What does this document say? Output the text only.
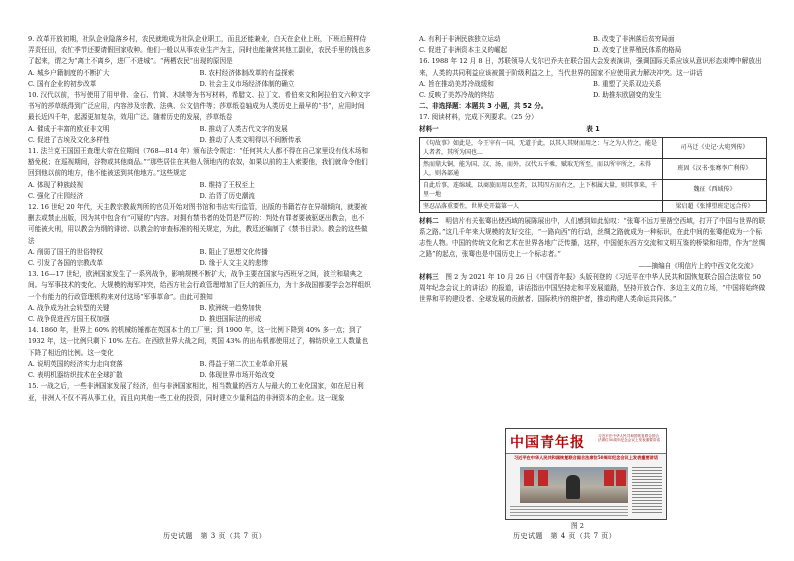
9. 改革开放初期，社队企业隐落乡村，农民就地成为社队企业职工，而且还能兼业，白天在企业上班，下班后照样侍弄责任田，农忙季节还要请假回家收种。他们一般以从事农业生产为主，同时也能兼营其他工副业，农民手里的钱也多了起来，谓之为“离土不离乡，进厂不进城”。“两栖农民”出现的原因是
A. 城乡户籍制度的不断扩大	B. 农村经济体制改革的有益探索
C. 国有企业的初步改革	D. 社会主义市场经济体制的确立
10. 汉代以前，书写使用了用甲骨、金石、竹简、木牍等为书写材料，希腊文、拉丁文、希伯来文和阿拉伯文六种文字书写的莎草纸得到广泛应用，内容涉及宗教、法典、公文信件等；莎草纸卷轴成为人类历史上最早的“书”，应用时间最长近四千年，起源更加复杂，效用广泛。随着历史的发展，莎草纸卷
A. 催成于丰富的欧亚非文明	B. 推动了人类古代文字的发展
C. 促进了古埃及文化多样性	D. 推动了人类文明得以不间断传承
11. 法兰克王国国王查理大帝在位期间（768—814 年）颁布法令规定：“任何其大人都不得在自己家里设有伐木场和豁免税；在巡视期间，谷物或其他商品。”“那些居住在其他人领地内的农奴，如果以前的主人索要他，我们就命令他们回到他以前的地方，他不能被送到其他地方。”这些规定
A. 体现了种族歧视	B. 维持了王权至上
C. 强化了庄园经济	D. 治背了历史潮流
12. 16 世纪 20 年代，天主教宗教裁判所的官员开始对图书馆和书店实行监管，出版的书籍若存在异端倾向，就要被删去或禁止出版，因为其中包含有“可疑的”内容。对拥有禁书者的处罚是严厉的：判处有罪者要被驱逐出教会，也不可能被火刑，用以教会为纲的诽谤、以教会的审查标准的相关规定，为此，教廷还编制了《禁书目录》。教会的这些做法
A. 削弱了国王的世俗特权	B. 阻止了思想文化传播
C. 引发了各国的宗教改革	D. 缘于人文主义的悲惨
13. 16—17 世纪，欧洲国家发生了一系列战争，影响规模不断扩大，战争主要在国家与西班牙之间，波兰和瑞典之间。与军事技术的变化、大规模的海军冲突，给西方社会行政管理增加了巨大的新压力，为十多战国都要学会怎样组织一个有能力的行政管理机构来对付这场“军事革命”。由此可推知
A. 战争成为社会转型的关键	B. 欧洲统一趋势加快
C. 战争促进西方国王权加强	D. 推进国际法的形成
14. 1860 年，世界上 60% 的机械纺锤都在英国本土的工厂里；到 1900 年，这一比例下降到 40% 多一点；到了 1932 年，这一比例只剩下 10% 左右。在西欧世界大战之间，英国 43% 的出布机都使用过了，棉纺织业工人数量也下降了相近的比例。这一变化
A. 说明英国的经济实力走向衰落	B. 得益于第二次工业革命开展
C. 表明机器纺织技术在全球扩散	D. 体现世界市场开始改变
15. 一战之后，一些非洲国家发展了经济，但与非洲国家相比，相当数量的西方人与最大的工业化国家，如在尼日利亚，非洲人不仅不再从事工业，而且向其他一些工业的投资，同时建立少量利益的非洲资本的企业。这一现象
历史试题　第 3 页（共 7 页）
A. 有利于非洲民族独立运动	B. 改变了非洲落后贫穷局面
C. 促进了非洲资本主义的崛起	D. 改变了世界殖民体系的格局
16. 1988 年 12 月 8 日，苏联领导人戈尔巴乔夫在联合国大会发表演讲，强调国际关系应该从意识形态束缚中解放出来，人类的共同利益应该被置于阶级利益之上，当代世界的国家不应使用武力解决冲突。这一讲话
A. 旨在推动美苏冷战缓和	B. 重塑了关系双边关系
C. 反映了美苏冷战的终结	D. 助推东欧剧变的发生
二、非选择题：本题共 3 小题，共 52 分。
17. 阅读材料，完成下列要求。（25 分）
材料一	表 1
《句故事》如此是，今王宰有一国，无道于此，以其人其财而用之：与之为人侍之，能是人者者，其所为国也…	司马迁《史记·大宛列传》
然而鼎大铜，能为国、汉、汤、而外，汉代五千乘，赋取无所至，而以所宰所之，未得人，则各部通	班固《汉书·张骞李广利传》
自此后事，连绵域，以商旅而用以至者，以其四方而有之，上下相属大量，则其事来，千里一地	魏征《西域传》
坚忍品落重要性，世界史开篇第一人	梁启超《张博望班定远合传》
材料二　明信片有关张骞出使西域的展陈展出中，人们感到如此惊叹：“张骞不远万里凿空西域，打开了中国与世界的联系之路。”这几千年来大规模的友好交往，“一路向西”的行动，丝绸之路就成为一种标识，在此中间的张骞便成为一个标志性人物。中国的传统文化和艺术在世界各地广泛传播，这样，中国便东西方交流和文明互鉴的桥梁和纽带，作为“丝绸之路”的起点，张骞也是中国历史上一个标志者。”
——摘编自《明信片上的中西文化交流》
材料三　图 2 为 2021 年 10 月 26 日《中国青年报》头版刊登的《习近平在中华人民共和国恢复联合国合法席位 50 周年纪念会议上的讲话》的报道，讲话指出中国坚持走和平发展道路，坚持开放合作、多边主义的立场，“中国将始终做世界和平的建设者、全球发展的贡献者、国际秩序的维护者，推动构建人类命运共同体。”
中国青年报	习近平在中华人民共和国恢复联合国合法席位50周年纪念会议上发表重要讲话
习近平在中华人民共和国恢复联合国合法席位50周年纪念会议上发表重要讲话
图 2
历史试题　第 4 页（共 7 页）
